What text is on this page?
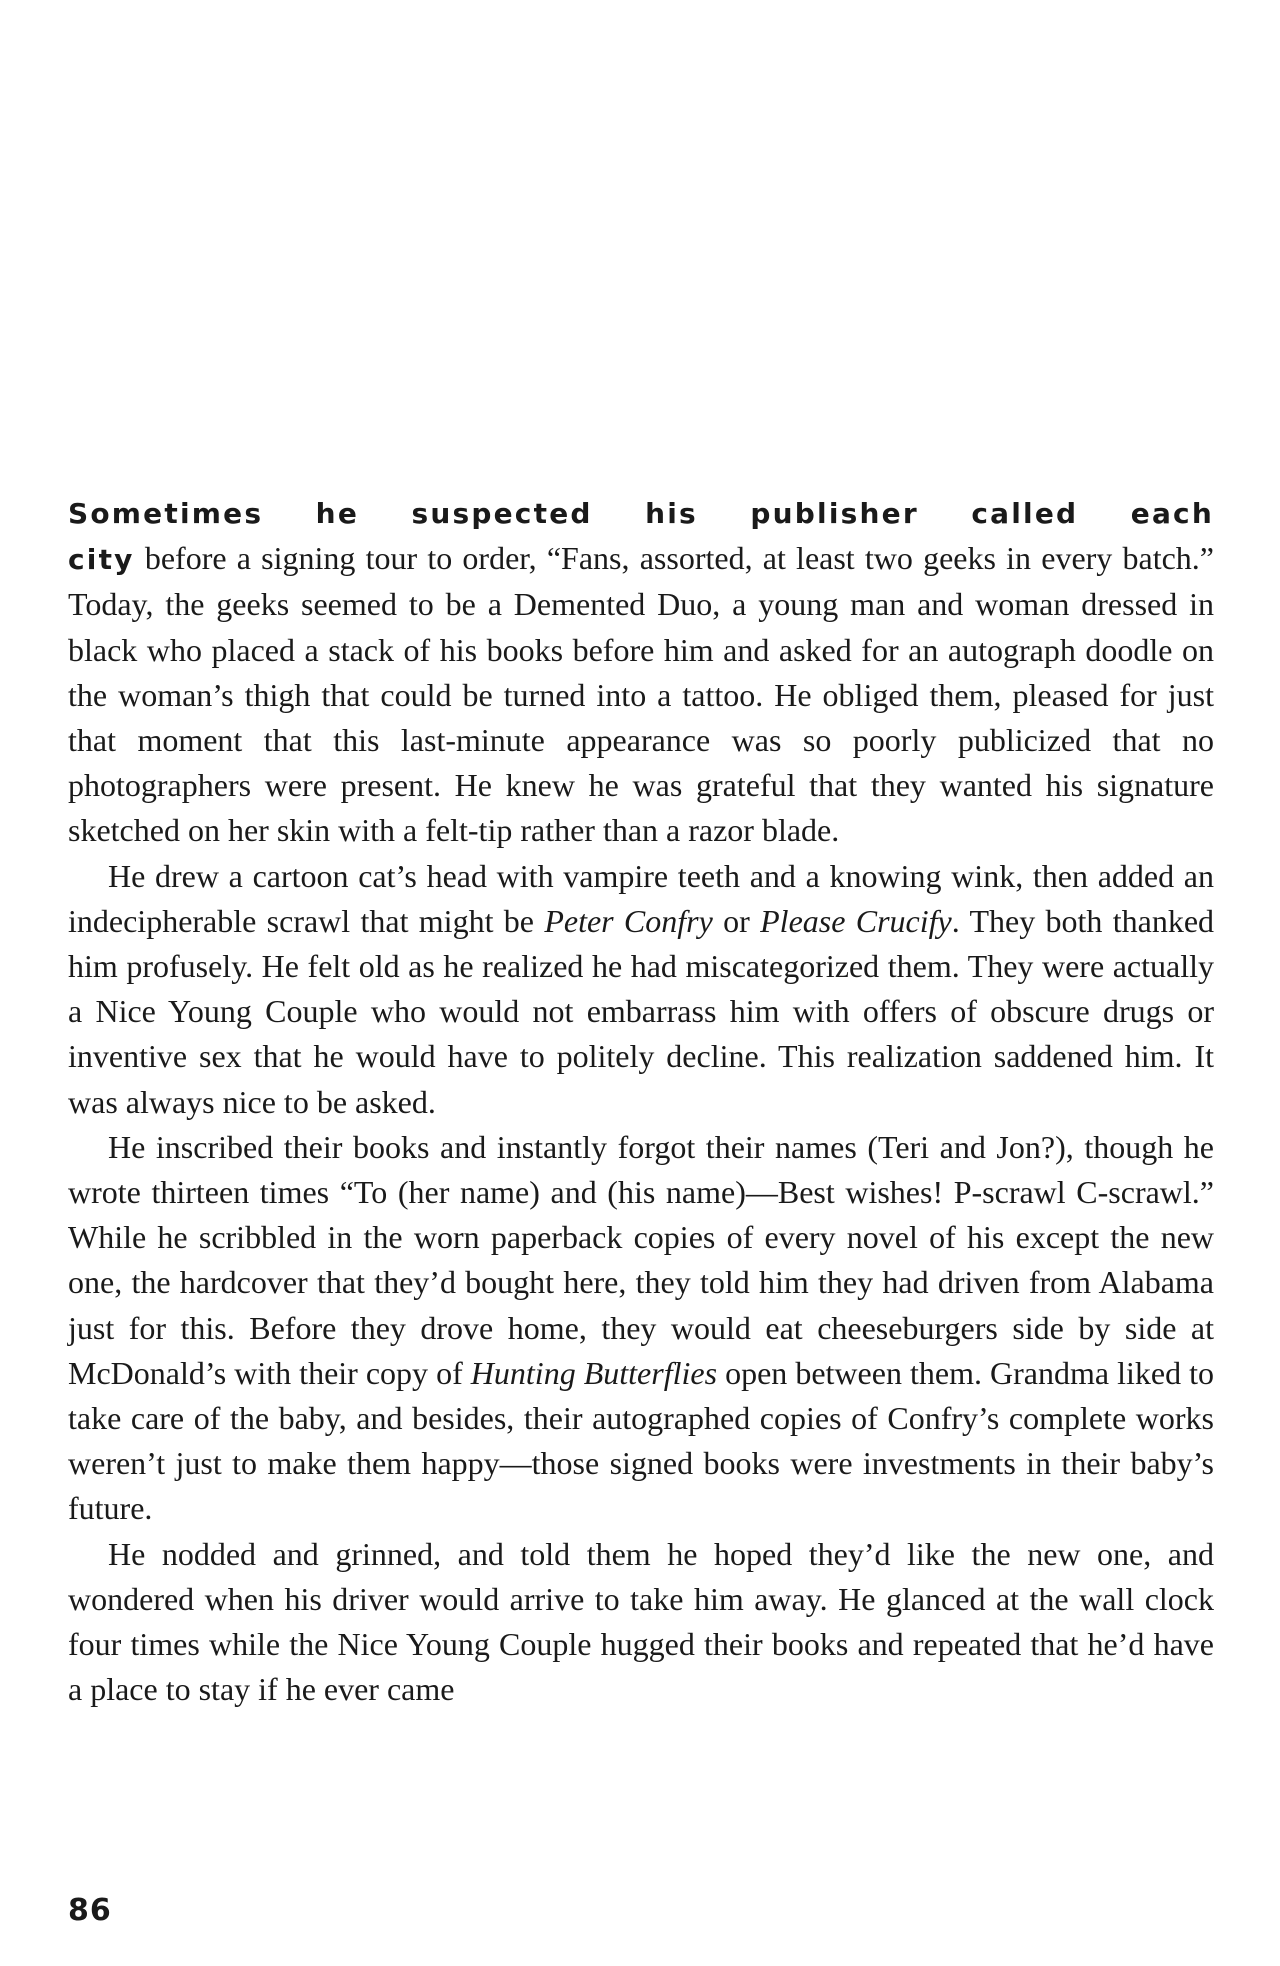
Sometimes he suspected his publisher called each city before a signing tour to order, “Fans, assorted, at least two geeks in every batch.” Today, the geeks seemed to be a Demented Duo, a young man and woman dressed in black who placed a stack of his books before him and asked for an autograph doodle on the woman’s thigh that could be turned into a tattoo. He obliged them, pleased for just that moment that this last-minute appearance was so poorly publicized that no photographers were present. He knew he was grateful that they wanted his signature sketched on her skin with a felt-tip rather than a razor blade.

He drew a cartoon cat’s head with vampire teeth and a knowing wink, then added an indecipherable scrawl that might be Peter Confry or Please Crucify. They both thanked him profusely. He felt old as he realized he had miscategorized them. They were actually a Nice Young Couple who would not embarrass him with offers of obscure drugs or inventive sex that he would have to politely decline. This realization saddened him. It was always nice to be asked.

He inscribed their books and instantly forgot their names (Teri and Jon?), though he wrote thirteen times “To (her name) and (his name)—Best wishes! P-scrawl C-scrawl.” While he scribbled in the worn paperback copies of every novel of his except the new one, the hardcover that they’d bought here, they told him they had driven from Alabama just for this. Before they drove home, they would eat cheeseburgers side by side at McDonald’s with their copy of Hunting Butterflies open between them. Grandma liked to take care of the baby, and besides, their autographed copies of Confry’s complete works weren’t just to make them happy—those signed books were investments in their baby’s future.

He nodded and grinned, and told them he hoped they’d like the new one, and wondered when his driver would arrive to take him away. He glanced at the wall clock four times while the Nice Young Couple hugged their books and repeated that he’d have a place to stay if he ever came

86
